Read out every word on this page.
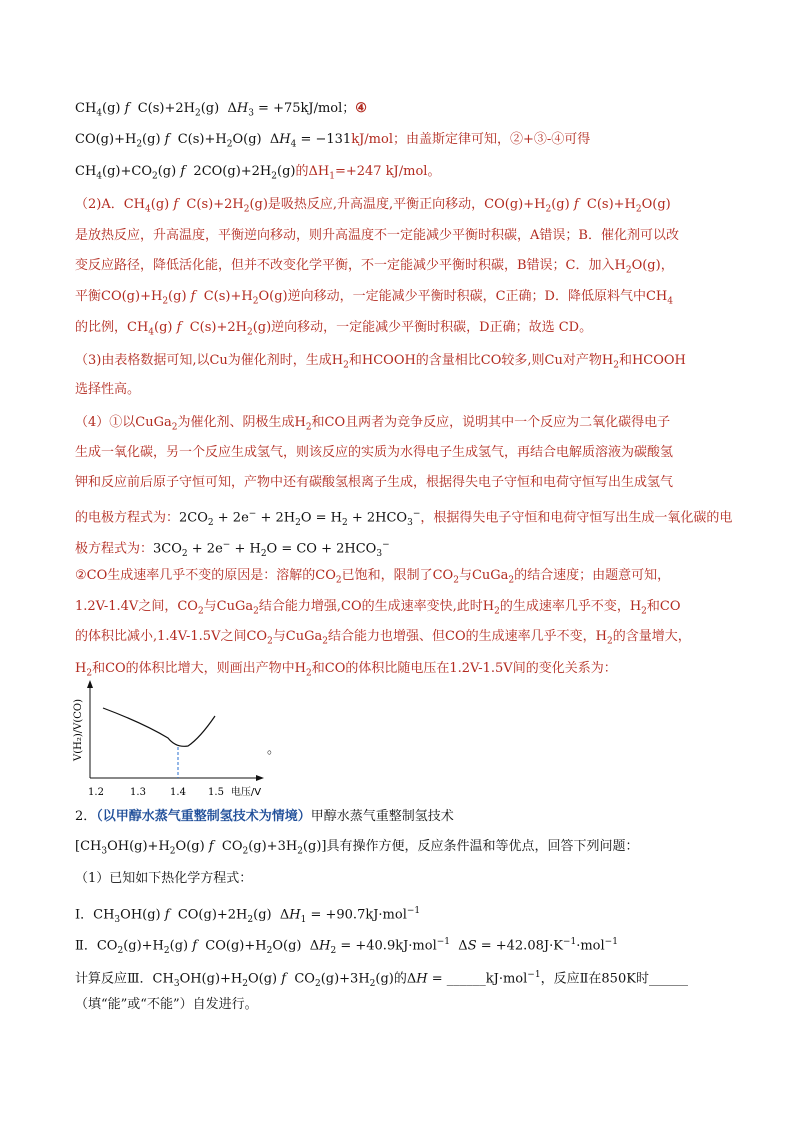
$CH_4(g)$ f  $C(s)+2H_2(g) \Delta H_3 = +75kJ/mol$；④
$CO(g)+H_2(g)$ f  $C(s)+H_2O(g) \Delta H_4 = -131kJ/mol$；由盖斯定律可知，②+③-④可得
$CH_4(g)+CO_2(g)$ f  $2CO(g)+2H_2(g)$的$\Delta H_1=+247$ kJ/mol。
（2)A．$CH_4(g)$ f  $C(s)+2H_2(g)$是吸热反应,升高温度,平衡正向移动，$CO(g)+H_2(g)$ f  $C(s)+H_2O(g)$
是放热反应，升高温度，平衡逆向移动，则升高温度不一定能减少平衡时积碳，A错误；B．催化剂可以改
变反应路径，降低活化能，但并不改变化学平衡，不一定能减少平衡时积碳，B错误；C．加入$H_2O(g)$，
平衡$CO(g)+H_2(g)$ f  $C(s)+H_2O(g)$逆向移动，一定能减少平衡时积碳，C正确；D．降低原料气中$CH_4$
的比例，$CH_4(g)$ f  $C(s)+2H_2(g)$逆向移动，一定能减少平衡时积碳，D正确；故选 CD。
（3)由表格数据可知,以Cu为催化剂时，生成$H_2$和HCOOH的含量相比CO较多,则Cu对产物$H_2$和HCOOH
选择性高。
（4）①以CuGa$_2$为催化剂、阴极生成$H_2$和CO且两者为竞争反应，说明其中一个反应为二氧化碳得电子
生成一氧化碳，另一个反应生成氢气，则该反应的实质为水得电子生成氢气，再结合电解质溶液为碳酸氢
钾和反应前后原子守恒可知，产物中还有碳酸氢根离子生成，根据得失电子守恒和电荷守恒写出生成氢气
的电极方程式为：$2CO_2 + 2e^- + 2H_2O = H_2 + 2HCO_3^-$，根据得失电子守恒和电荷守恒写出生成一氧化碳的电
极方程式为：$3CO_2 + 2e^- + H_2O$ = CO + $2HCO_3^-$
②CO生成速率几乎不变的原因是：溶解的$CO_2$已饱和，限制了$CO_2$与CuGa$_2$的结合速度；由题意可知，
1.2V-1.4V之间，$CO_2$与CuGa$_2$结合能力增强,CO的生成速率变快,此时$H_2$的生成速率几乎不变，$H_2$和CO
的体积比减小,1.4V-1.5V之间$CO_2$与CuGa$_2$结合能力也增强、但CO的生成速率几乎不变，$H_2$的含量增大，
$H_2$和CO的体积比增大，则画出产物中$H_2$和CO的体积比随电压在1.2V-1.5V间的变化关系为：
2．（以甲醇水蒸气重整制氢技术为情境）甲醇水蒸气重整制氢技术
[$CH_3OH(g)+H_2O(g)$ f  $CO_2(g)+3H_2(g)$]具有操作方便，反应条件温和等优点，回答下列问题：
（1）已知如下热化学方程式：
Ⅰ．$CH_3OH(g)$ f  $CO(g)+2H_2(g) \Delta H_1 = +90.7kJ\cdot mol^{-1}$
Ⅱ．$CO_2(g)+H_2(g)$ f  $CO(g)+H_2O(g) \Delta H_2 = +40.9kJ\cdot mol^{-1}$  $\Delta S = +42.08J\cdot K^{-1}\cdot mol^{-1}$
计算反应Ⅲ．$CH_3OH(g)+H_2O(g)$ f  $CO_2(g)+3H_2(g)$的ΔH = ______kJ·mol$^{-1}$，反应Ⅱ在850K时______
（填“能”或“不能”）自发进行。
1.2	1.3 1.4 1.5 电压/V
V(H₂)/V(CO)	。
